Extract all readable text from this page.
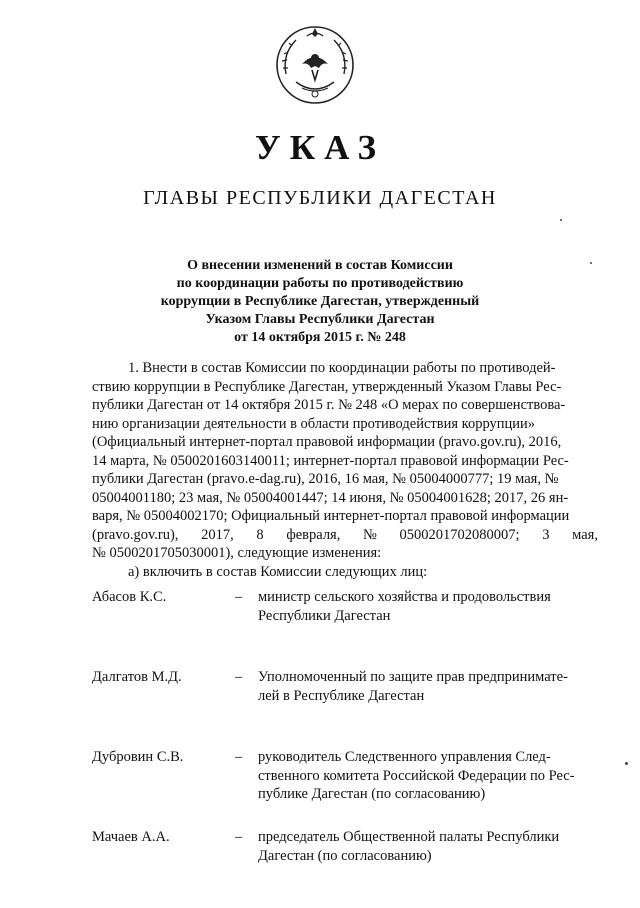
УКАЗ
ГЛАВЫ РЕСПУБЛИКИ ДАГЕСТАН
О внесении изменений в состав Комиссии
по координации работы по противодействию
коррупции в Республике Дагестан, утвержденный
Указом Главы Республики Дагестан
от 14 октября 2015 г. № 248
1. Внести в состав Комиссии по координации работы по противодей-
ствию коррупции в Республике Дагестан, утвержденный Указом Главы Рес-
публики Дагестан от 14 октября 2015 г. № 248 «О мерах по совершенствова-
нию организации деятельности в области противодействия коррупции»
(Официальный интернет-портал правовой информации (pravo.gov.ru), 2016,
14 марта, № 0500201603140011; интернет-портал правовой информации Рес-
публики Дагестан (pravo.e-dag.ru), 2016, 16 мая, № 05004000777; 19 мая, №
05004001180; 23 мая, № 05004001447; 14 июня, № 05004001628; 2017, 26 ян-
варя, № 05004002170; Официальный интернет-портал правовой информации
(pravo.gov.ru), 2017, 8 февраля, № 0500201702080007; 3 мая,
№ 0500201705030001), следующие изменения:
а) включить в состав Комиссии следующих лиц:
Абасов К.С.	– министр сельского хозяйства и продовольствия
Республики Дагестан
Далгатов М.Д.	– Уполномоченный по защите прав предпринимате-
лей в Республике Дагестан
Дубровин С.В.	– руководитель Следственного управления След-
ственного комитета Российской Федерации по Рес-
публике Дагестан (по согласованию)
Мачаев А.А.	– председатель Общественной палаты Республики
Дагестан (по согласованию)
